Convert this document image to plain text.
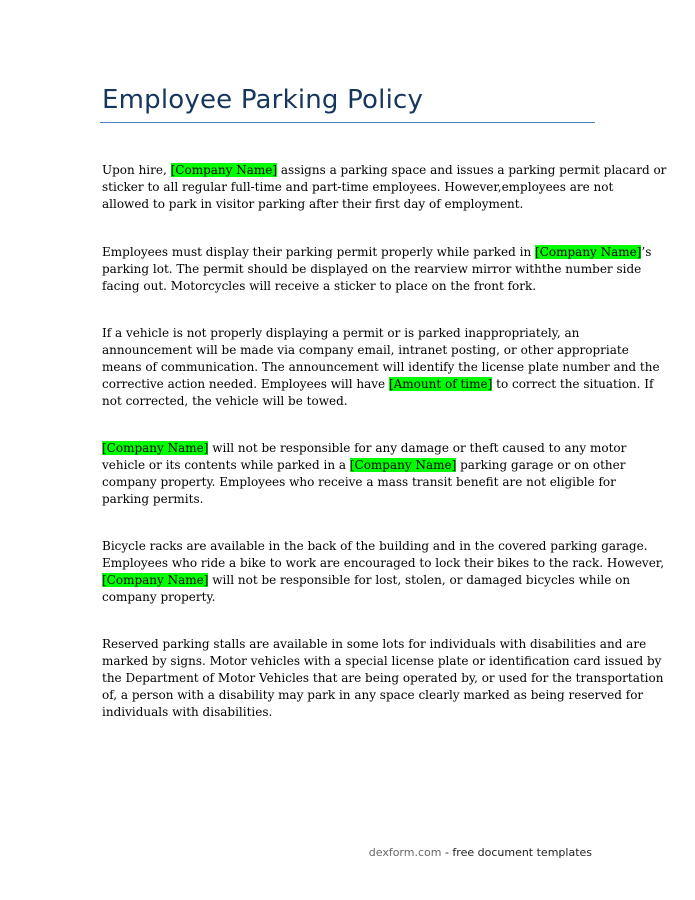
Employee Parking Policy
Upon hire, [Company Name] assigns a parking space and issues a parking permit placard or
sticker to all regular full-time and part-time employees. However,employees are not
allowed to park in visitor parking after their first day of employment.
Employees must display their parking permit properly while parked in [Company Name]’s
parking lot. The permit should be displayed on the rearview mirror withthe number side
facing out. Motorcycles will receive a sticker to place on the front fork.
If a vehicle is not properly displaying a permit or is parked inappropriately, an
announcement will be made via company email, intranet posting, or other appropriate
means of communication. The announcement will identify the license plate number and the
corrective action needed. Employees will have [Amount of time] to correct the situation. If
not corrected, the vehicle will be towed.
[Company Name] will not be responsible for any damage or theft caused to any motor
vehicle or its contents while parked in a [Company Name] parking garage or on other
company property. Employees who receive a mass transit benefit are not eligible for
parking permits.
Bicycle racks are available in the back of the building and in the covered parking garage.
Employees who ride a bike to work are encouraged to lock their bikes to the rack. However,
[Company Name] will not be responsible for lost, stolen, or damaged bicycles while on
company property.
Reserved parking stalls are available in some lots for individuals with disabilities and are
marked by signs. Motor vehicles with a special license plate or identification card issued by
the Department of Motor Vehicles that are being operated by, or used for the transportation
of, a person with a disability may park in any space clearly marked as being reserved for
individuals with disabilities.
dexform.com - free document templates
